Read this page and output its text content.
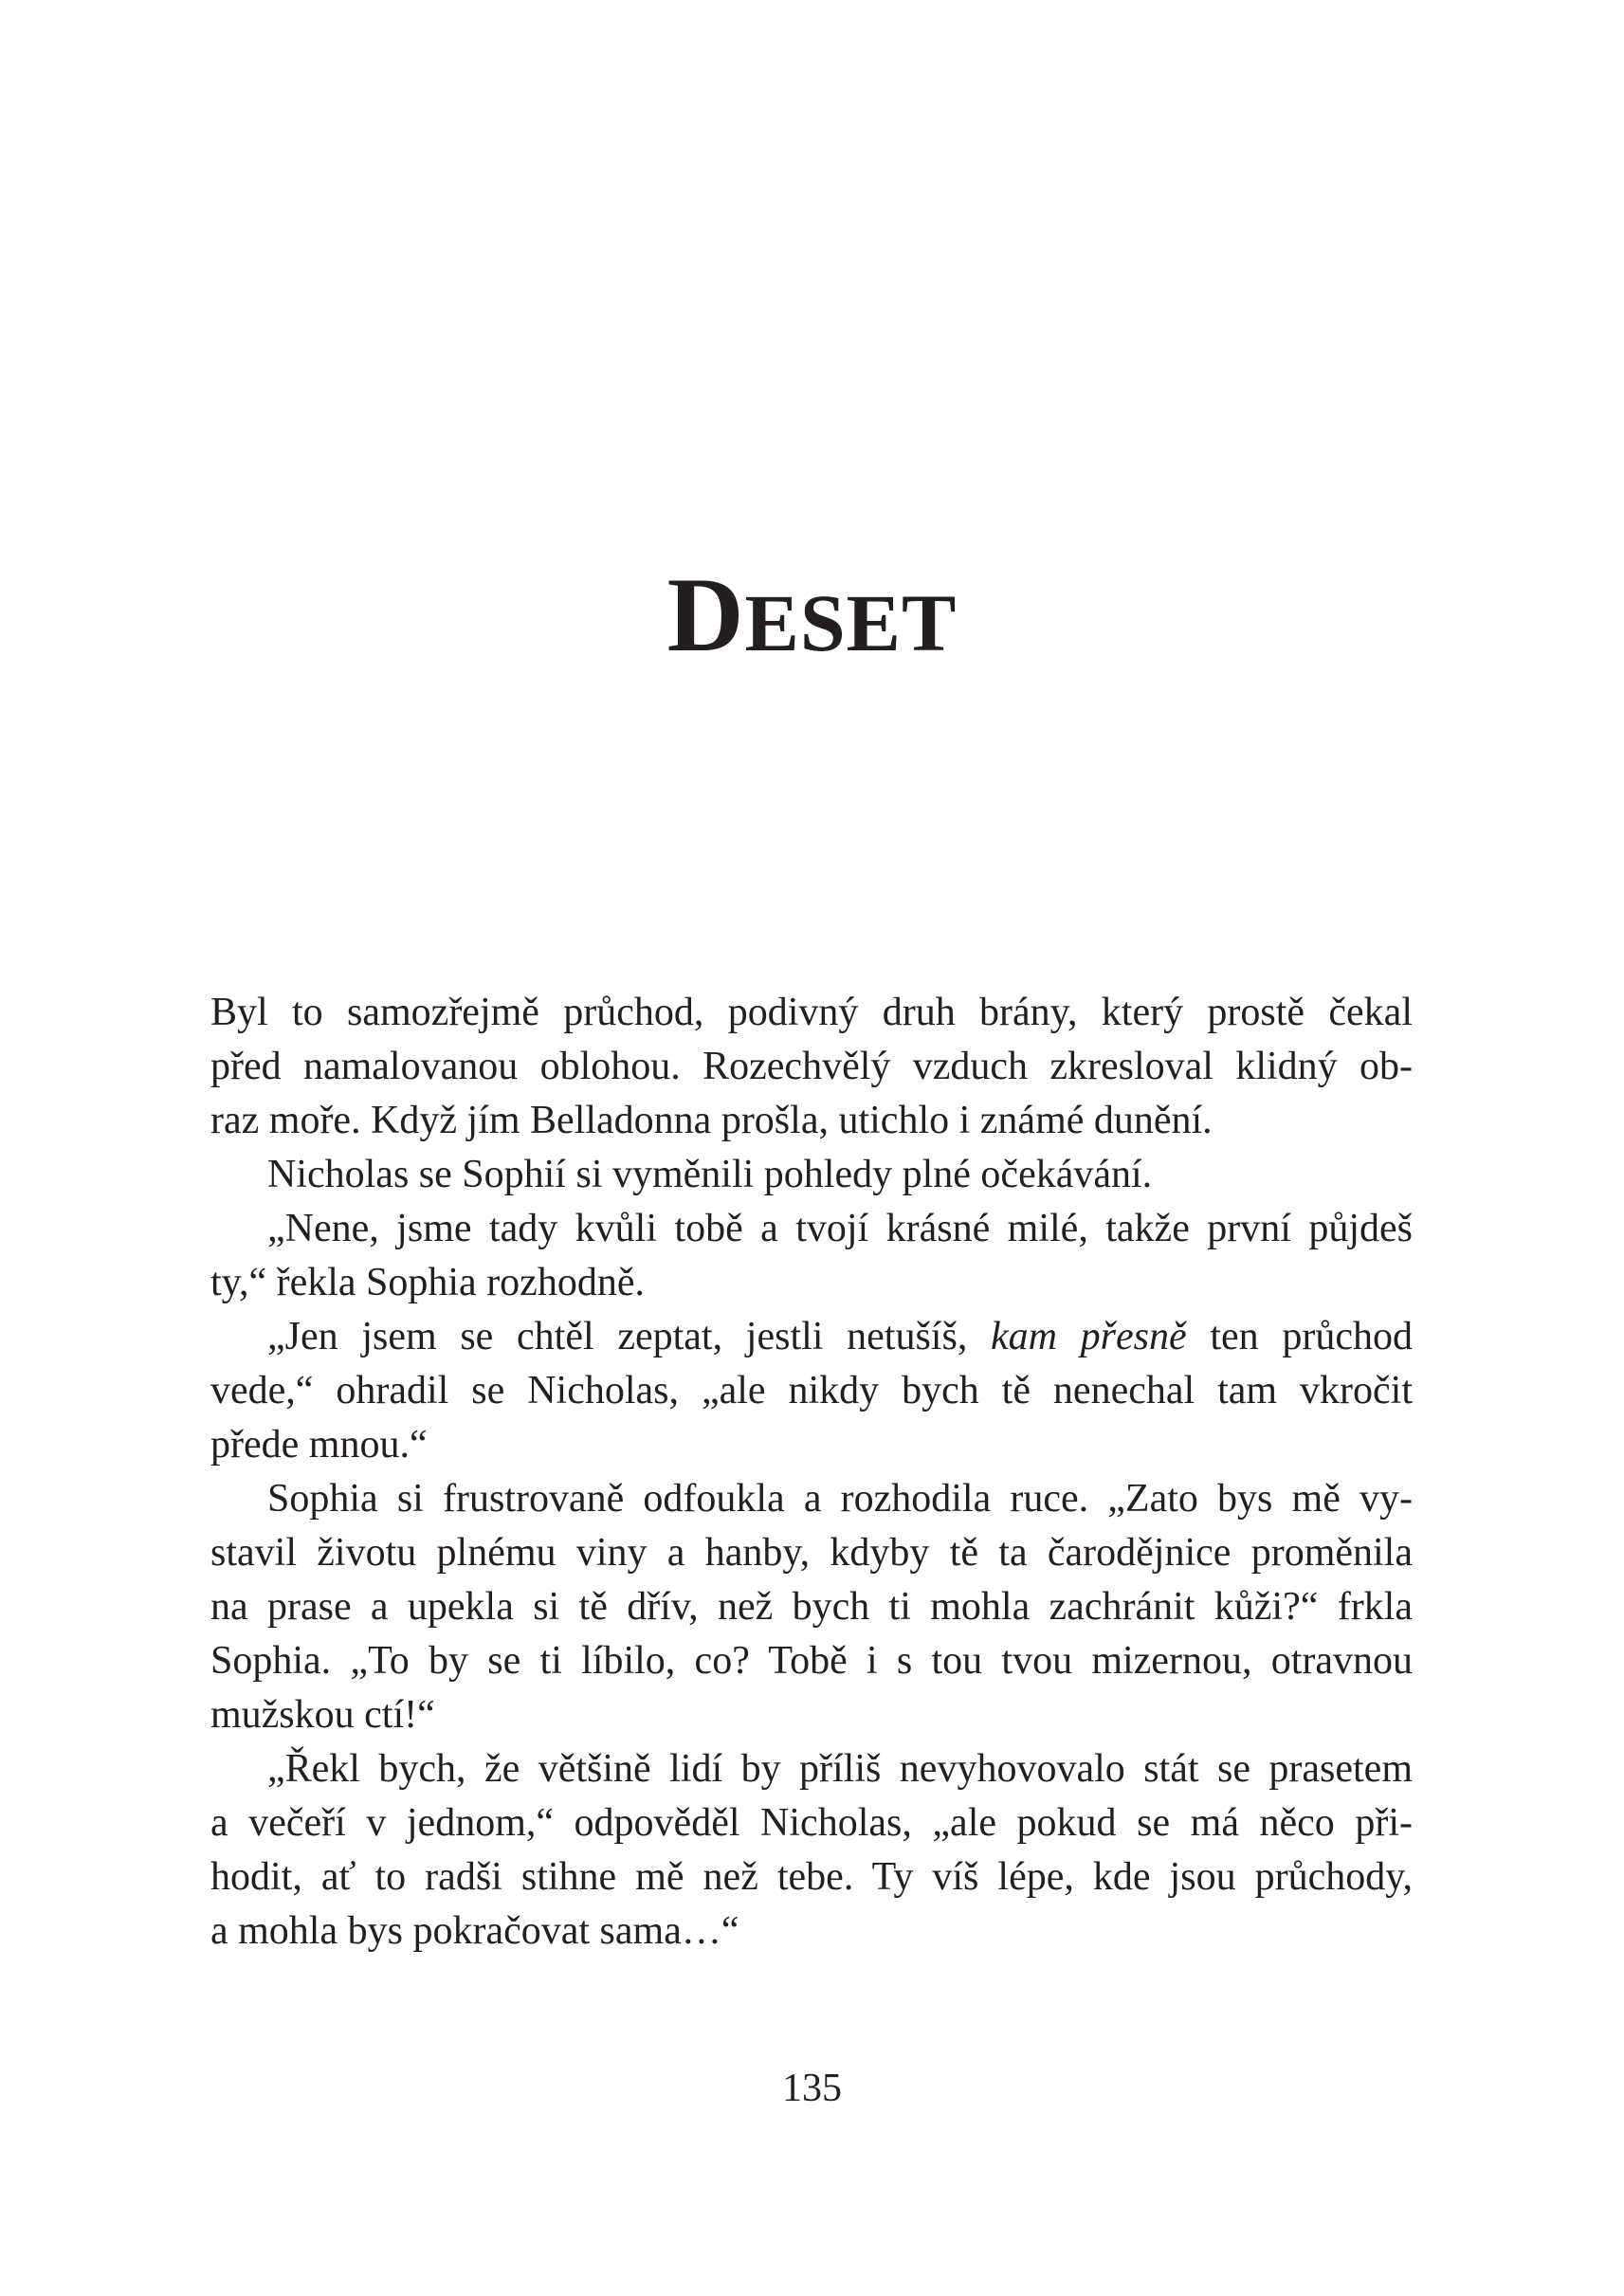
DESET
Byl to samozřejmě průchod, podivný druh brány, který prostě čekal
před namalovanou oblohou. Rozechvělý vzduch zkresloval klidný ob-
raz moře. Když jím Belladonna prošla, utichlo i známé dunění.
Nicholas se Sophií si vyměnili pohledy plné očekávání.
„Nene, jsme tady kvůli tobě a tvojí krásné milé, takže první půjdeš
ty,“ řekla Sophia rozhodně.
„Jen jsem se chtěl zeptat, jestli netušíš, kam přesně ten průchod
vede,“ ohradil se Nicholas, „ale nikdy bych tě nenechal tam vkročit
přede mnou.“
Sophia si frustrovaně odfoukla a rozhodila ruce. „Zato bys mě vy-
stavil životu plnému viny a hanby, kdyby tě ta čarodějnice proměnila
na prase a upekla si tě dřív, než bych ti mohla zachránit kůži?“ frkla
Sophia. „To by se ti líbilo, co? Tobě i s tou tvou mizernou, otravnou
mužskou ctí!“
„Řekl bych, že většině lidí by příliš nevyhovovalo stát se prasetem
a večeří v jednom,“ odpověděl Nicholas, „ale pokud se má něco při-
hodit, ať to radši stihne mě než tebe. Ty víš lépe, kde jsou průchody,
a mohla bys pokračovat sama…“
135
